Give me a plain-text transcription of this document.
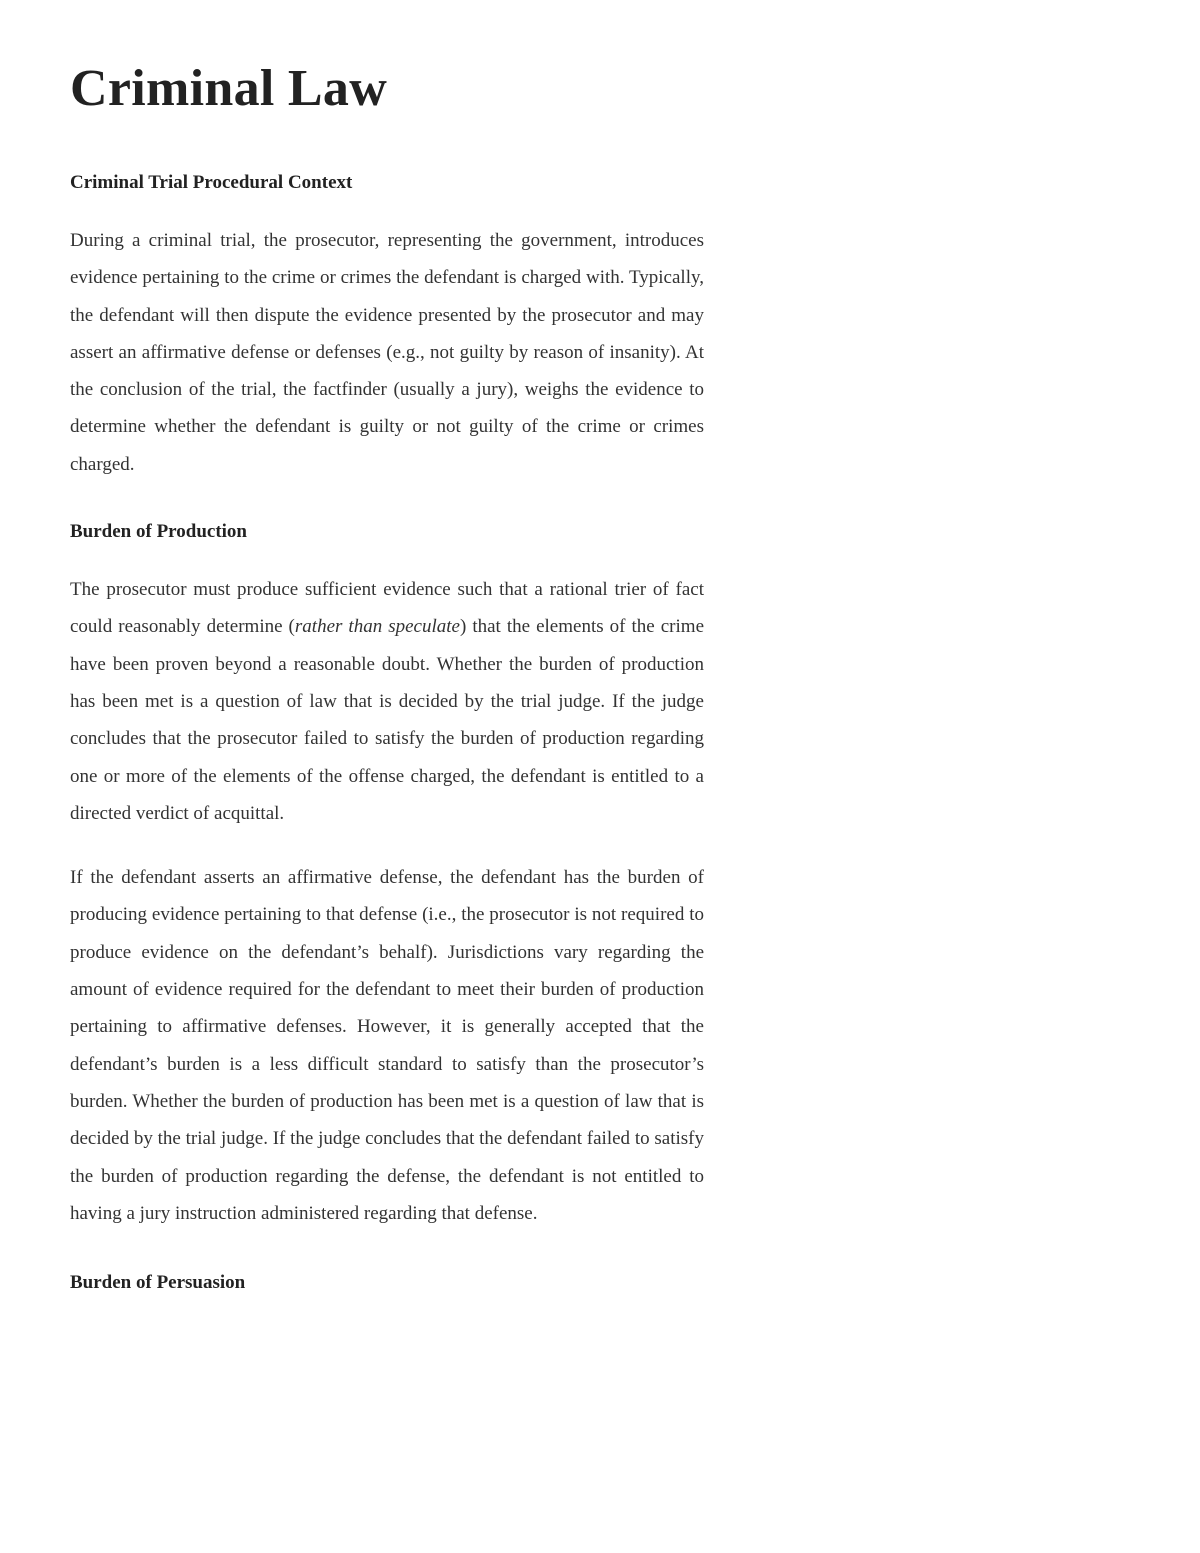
Criminal Law
Criminal Trial Procedural Context

During a criminal trial, the prosecutor, representing the government, introduces evidence pertaining to the crime or crimes the defendant is charged with. Typically, the defendant will then dispute the evidence presented by the prosecutor and may assert an affirmative defense or defenses (e.g., not guilty by reason of insanity). At the conclusion of the trial, the factfinder (usually a jury), weighs the evidence to determine whether the defendant is guilty or not guilty of the crime or crimes charged.

Burden of Production

The prosecutor must produce sufficient evidence such that a rational trier of fact could reasonably determine (rather than speculate) that the elements of the crime have been proven beyond a reasonable doubt. Whether the burden of production has been met is a question of law that is decided by the trial judge. If the judge concludes that the prosecutor failed to satisfy the burden of production regarding one or more of the elements of the offense charged, the defendant is entitled to a directed verdict of acquittal.

If the defendant asserts an affirmative defense, the defendant has the burden of producing evidence pertaining to that defense (i.e., the prosecutor is not required to produce evidence on the defendant’s behalf). Jurisdictions vary regarding the amount of evidence required for the defendant to meet their burden of production pertaining to affirmative defenses. However, it is generally accepted that the defendant’s burden is a less difficult standard to satisfy than the prosecutor’s burden. Whether the burden of production has been met is a question of law that is decided by the trial judge. If the judge concludes that the defendant failed to satisfy the burden of production regarding the defense, the defendant is not entitled to having a jury instruction administered regarding that defense.

Burden of Persuasion
